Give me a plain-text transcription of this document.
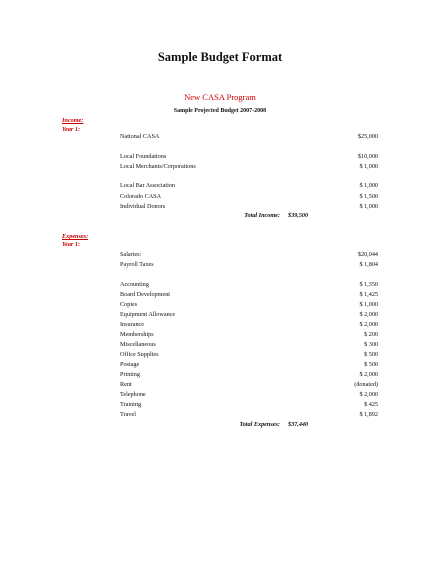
Sample Budget Format
New CASA Program
Sample Projected Budget 2007-2008
Income:
Year 1:
National CASA	$25,000
Local Foundations	$10,000
Local Merchants/Corporations	$ 1,000
Local Bar Association	$ 1,000
Colorado CASA	$ 1,500
Individual Donors	$ 1,000
Total Income: $39,500
Expenses:
Year 1:
Salaries:	$20,044
Payroll Taxes	$ 1,804
Accounting	$ 1,350
Board Development	$ 1,425
Copies	$ 1,000
Equipment Allowance	$ 2,000
Insurance	$ 2,000
Memberships	$ 200
Miscellaneous	$ 300
Office Supplies	$ 500
Postage	$ 500
Printing	$ 2,000
Rent	(donated)
Telephone	$ 2,000
Training	$ 425
Travel	$ 1,892
Total Expenses: $37,440
